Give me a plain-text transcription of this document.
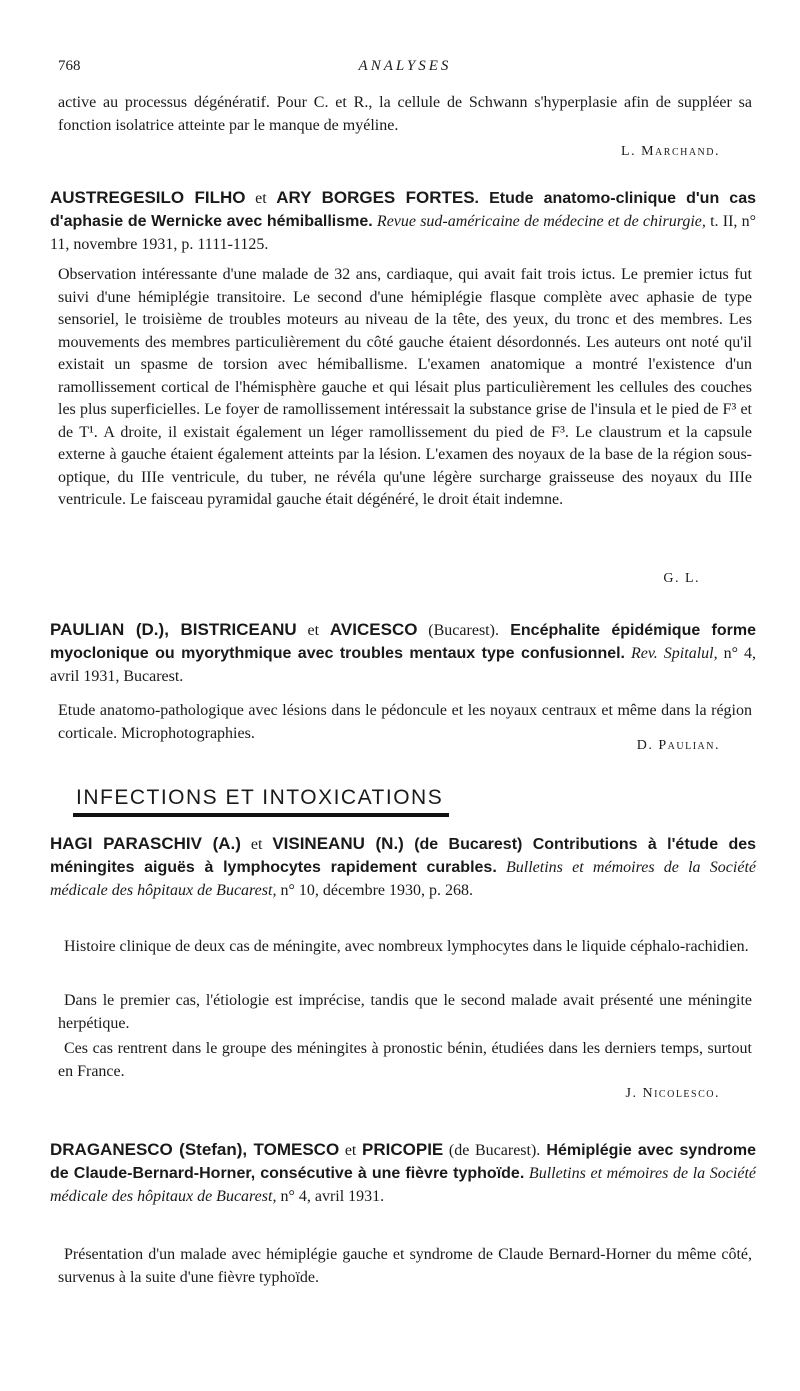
768	ANALYSES
active au processus dégénératif. Pour C. et R., la cellule de Schwann s'hyperplasie afin de suppléer sa fonction isolatrice atteinte par le manque de myéline.
L. Marchand.
AUSTREGESILO FILHO et ARY BORGES FORTES. Etude anatomo-clinique d'un cas d'aphasie de Wernicke avec hémiballisme. Revue sud-américaine de médecine et de chirurgie, t. II, n° 11, novembre 1931, p. 1111-1125.
Observation intéressante d'une malade de 32 ans, cardiaque, qui avait fait trois ictus. Le premier ictus fut suivi d'une hémiplégie transitoire. Le second d'une hémiplégie flasque complète avec aphasie de type sensoriel, le troisième de troubles moteurs au niveau de la tête, des yeux, du tronc et des membres. Les mouvements des membres particulièrement du côté gauche étaient désordonnés. Les auteurs ont noté qu'il existait un spasme de torsion avec hémiballisme. L'examen anatomique a montré l'existence d'un ramollissement cortical de l'hémisphère gauche et qui lésait plus particulièrement les cellules des couches les plus superficielles. Le foyer de ramollissement intéressait la substance grise de l'insula et le pied de F³ et de T¹. A droite, il existait également un léger ramollissement du pied de F³. Le claustrum et la capsule externe à gauche étaient également atteints par la lésion. L'examen des noyaux de la base de la région sous-optique, du IIIe ventricule, du tuber, ne révéla qu'une légère surcharge graisseuse des noyaux du IIIe ventricule. Le faisceau pyramidal gauche était dégénéré, le droit était indemne.
G. L.
PAULIAN (D.), BISTRICEANU et AVICESCO (Bucarest). Encéphalite épidémique forme myoclonique ou myorythmique avec troubles mentaux type confusionnel. Rev. Spitalul, n° 4, avril 1931, Bucarest.
Etude anatomo-pathologique avec lésions dans le pédoncule et les noyaux centraux et même dans la région corticale. Microphotographies.
D. Paulian.
INFECTIONS ET INTOXICATIONS
HAGI PARASCHIV (A.) et VISINEANU (N.) (de Bucarest) Contributions à l'étude des méningites aiguës à lymphocytes rapidement curables. Bulletins et mémoires de la Société médicale des hôpitaux de Bucarest, n° 10, décembre 1930, p. 268.
Histoire clinique de deux cas de méningite, avec nombreux lymphocytes dans le liquide céphalo-rachidien.
Dans le premier cas, l'étiologie est imprécise, tandis que le second malade avait présenté une méningite herpétique.
Ces cas rentrent dans le groupe des méningites à pronostic bénin, étudiées dans les derniers temps, surtout en France.
J. Nicolesco.
DRAGANESCO (Stefan), TOMESCO et PRICOPIE (de Bucarest). Hémiplégie avec syndrome de Claude-Bernard-Horner, consécutive à une fièvre typhoïde. Bulletins et mémoires de la Société médicale des hôpitaux de Bucarest, n° 4, avril 1931.
Présentation d'un malade avec hémiplégie gauche et syndrome de Claude Bernard-Horner du même côté, survenus à la suite d'une fièvre typhoïde.
